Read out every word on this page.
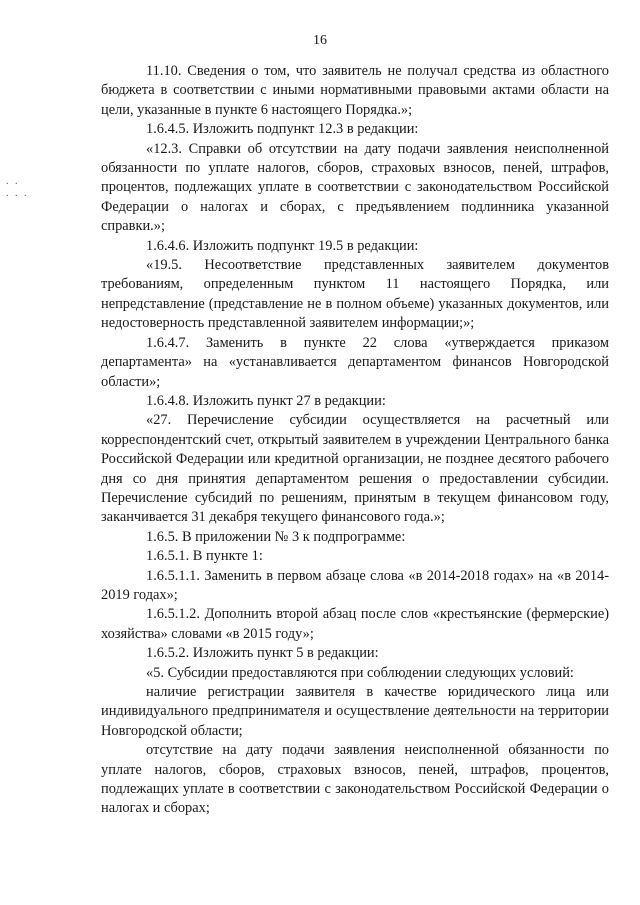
16
. .
. . .

11.10. Сведения о том, что заявитель не получал средства из областного бюджета в соответствии с иными нормативными правовыми актами области на цели, указанные в пункте 6 настоящего Порядка.»;

1.6.4.5. Изложить подпункт 12.3 в редакции:

«12.3. Справки об отсутствии на дату подачи заявления неисполненной обязанности по уплате налогов, сборов, страховых взносов, пеней, штрафов, процентов, подлежащих уплате в соответствии с законодательством Российской Федерации о налогах и сборах, с предъявлением подлинника указанной справки.»;

1.6.4.6. Изложить подпункт 19.5 в редакции:

«19.5. Несоответствие представленных заявителем документов требованиям, определенным пунктом 11 настоящего Порядка, или непредставление (представление не в полном объеме) указанных документов, или недостоверность представленной заявителем информации;»;

1.6.4.7. Заменить в пункте 22 слова «утверждается приказом департамента» на «устанавливается департаментом финансов Новгородской области»;

1.6.4.8. Изложить пункт 27 в редакции:

«27. Перечисление субсидии осуществляется на расчетный или корреспондентский счет, открытый заявителем в учреждении Центрального банка Российской Федерации или кредитной организации, не позднее десятого рабочего дня со дня принятия департаментом решения о предоставлении субсидии. Перечисление субсидий по решениям, принятым в текущем финансовом году, заканчивается 31 декабря текущего финансового года.»;

1.6.5. В приложении № 3 к подпрограмме:

1.6.5.1. В пункте 1:

1.6.5.1.1. Заменить в первом абзаце слова «в 2014-2018 годах» на «в 2014-2019 годах»;

1.6.5.1.2. Дополнить второй абзац после слов «крестьянские (фермерские) хозяйства» словами «в 2015 году»;

1.6.5.2. Изложить пункт 5 в редакции:

«5. Субсидии предоставляются при соблюдении следующих условий:

наличие регистрации заявителя в качестве юридического лица или индивидуального предпринимателя и осуществление деятельности на территории Новгородской области;

отсутствие на дату подачи заявления неисполненной обязанности по уплате налогов, сборов, страховых взносов, пеней, штрафов, процентов, подлежащих уплате в соответствии с законодательством Российской Федерации о налогах и сборах;
